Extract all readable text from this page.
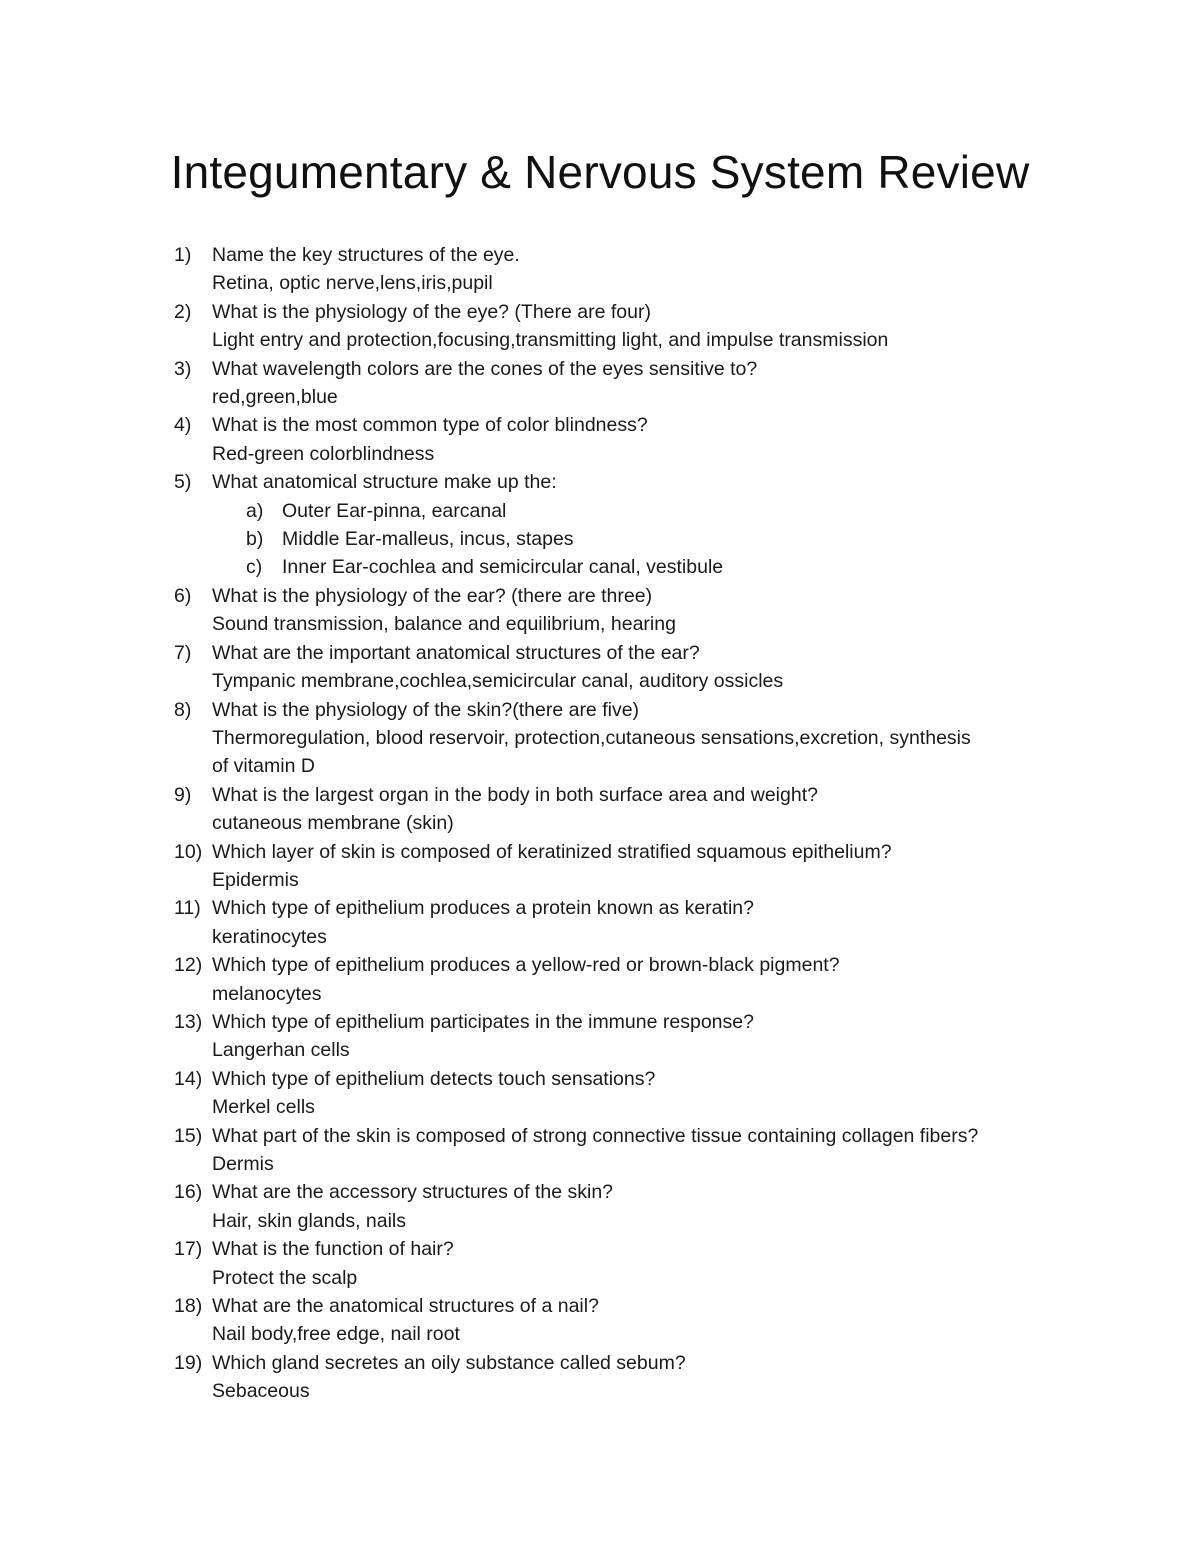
Integumentary & Nervous System Review
1)	Name the key structures of the eye.
Retina, optic nerve,lens,iris,pupil
2)	What is the physiology of the eye? (There are four)
Light entry and protection,focusing,transmitting light, and impulse transmission
3)	What wavelength colors are the cones of the eyes sensitive to?
red,green,blue
4)	What is the most common type of color blindness?
Red-green colorblindness
5)	What anatomical structure make up the:
a) Outer Ear-pinna, earcanal
b) Middle Ear-malleus, incus, stapes
c)	Inner Ear-cochlea and semicircular canal, vestibule
6)	What is the physiology of the ear? (there are three)
Sound transmission, balance and equilibrium, hearing
7)	What are the important anatomical structures of the ear?
Tympanic membrane,cochlea,semicircular canal, auditory ossicles
8)	What is the physiology of the skin?(there are five)
Thermoregulation, blood reservoir, protection,cutaneous sensations,excretion, synthesis
of vitamin D
9)	What is the largest organ in the body in both surface area and weight?
cutaneous membrane (skin)
10) Which layer of skin is composed of keratinized stratified squamous epithelium?
Epidermis
11) Which type of epithelium produces a protein known as keratin?
keratinocytes
12) Which type of epithelium produces a yellow-red or brown-black pigment?
melanocytes
13) Which type of epithelium participates in the immune response?
Langerhan cells
14) Which type of epithelium detects touch sensations?
Merkel cells
15) What part of the skin is composed of strong connective tissue containing collagen fibers?
Dermis
16) What are the accessory structures of the skin?
Hair, skin glands, nails
17) What is the function of hair?
Protect the scalp
18) What are the anatomical structures of a nail?
Nail body,free edge, nail root
19) Which gland secretes an oily substance called sebum?
Sebaceous
